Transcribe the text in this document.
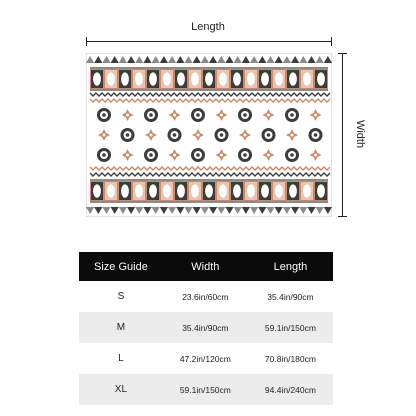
Length
Width
Size Guide	Width	Length
S	23.6in/60cm	35.4in/90cm
M	35.4in/90cm	59.1in/150cm
L	47.2in/120cm	70.8in/180cm
XL	59.1in/150cm	94.4in/240cm
